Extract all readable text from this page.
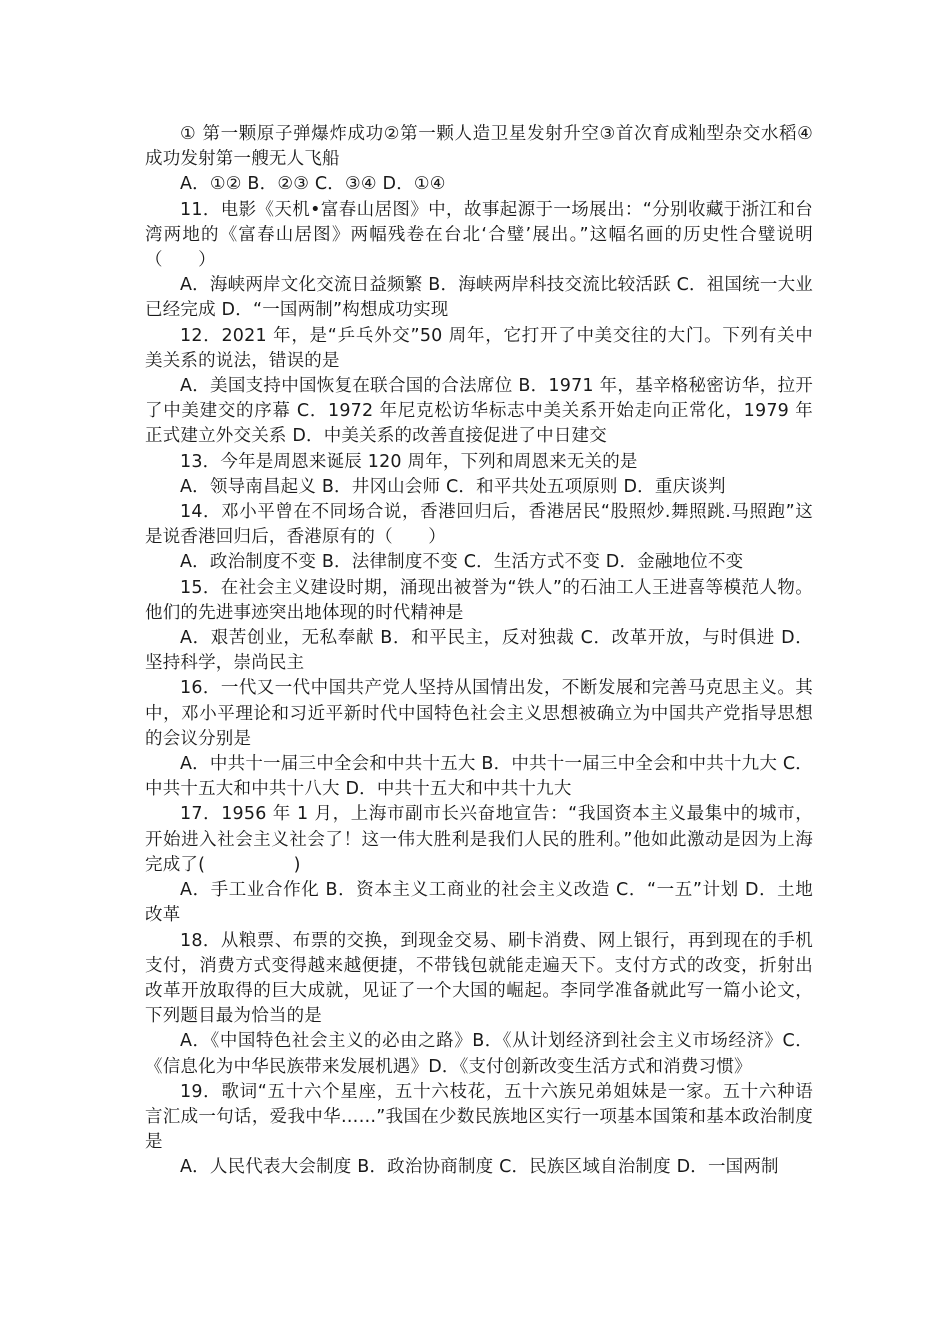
① 第一颗原子弹爆炸成功②第一颗人造卫星发射升空③首次育成籼型杂交水稻④成功发射第一艘无人飞船

A．①② B．②③ C．③④ D．①④

11．电影《天机•富春山居图》中，故事起源于一场展出：“分别收藏于浙江和台湾两地的《富春山居图》两幅残卷在台北‘合璧’展出。”这幅名画的历史性合璧说明（　　）

A．海峡两岸文化交流日益频繁 B．海峡两岸科技交流比较活跃 C．祖国统一大业已经完成 D．“一国两制”构想成功实现

12．2021 年，是“乒乓外交”50 周年，它打开了中美交往的大门。下列有关中美关系的说法，错误的是

A．美国支持中国恢复在联合国的合法席位 B．1971 年，基辛格秘密访华，拉开了中美建交的序幕 C．1972 年尼克松访华标志中美关系开始走向正常化，1979 年正式建立外交关系 D．中美关系的改善直接促进了中日建交

13．今年是周恩来诞辰 120 周年，下列和周恩来无关的是

A．领导南昌起义 B．井冈山会师 C．和平共处五项原则 D．重庆谈判

14．邓小平曾在不同场合说，香港回归后，香港居民“股照炒.舞照跳.马照跑”这是说香港回归后，香港原有的（　　）

A．政治制度不变 B．法律制度不变 C．生活方式不变 D．金融地位不变

15．在社会主义建设时期，涌现出被誉为“铁人”的石油工人王进喜等模范人物。他们的先进事迹突出地体现的时代精神是

A．艰苦创业，无私奉献 B．和平民主，反对独裁 C．改革开放，与时俱进 D．坚持科学，崇尚民主

16．一代又一代中国共产党人坚持从国情出发，不断发展和完善马克思主义。其中，邓小平理论和习近平新时代中国特色社会主义思想被确立为中国共产党指导思想的会议分别是

A．中共十一届三中全会和中共十五大 B．中共十一届三中全会和中共十九大 C．中共十五大和中共十八大 D．中共十五大和中共十九大

17．1956 年 1 月，上海市副市长兴奋地宣告：“我国资本主义最集中的城市，开始进入社会主义社会了！这一伟大胜利是我们人民的胜利。”他如此激动是因为上海完成了(　　　　　)

A．手工业合作化 B．资本主义工商业的社会主义改造 C．“一五”计划 D．土地改革

18．从粮票、布票的交换，到现金交易、刷卡消费、网上银行，再到现在的手机支付，消费方式变得越来越便捷，不带钱包就能走遍天下。支付方式的改变，折射出改革开放取得的巨大成就，见证了一个大国的崛起。李同学准备就此写一篇小论文，下列题目最为恰当的是

A．《中国特色社会主义的必由之路》B．《从计划经济到社会主义市场经济》C．《信息化为中华民族带来发展机遇》D．《支付创新改变生活方式和消费习惯》

19．歌词“五十六个星座，五十六枝花，五十六族兄弟姐妹是一家。五十六种语言汇成一句话，爱我中华……”我国在少数民族地区实行一项基本国策和基本政治制度是

A．人民代表大会制度 B．政治协商制度 C．民族区域自治制度 D．一国两制
